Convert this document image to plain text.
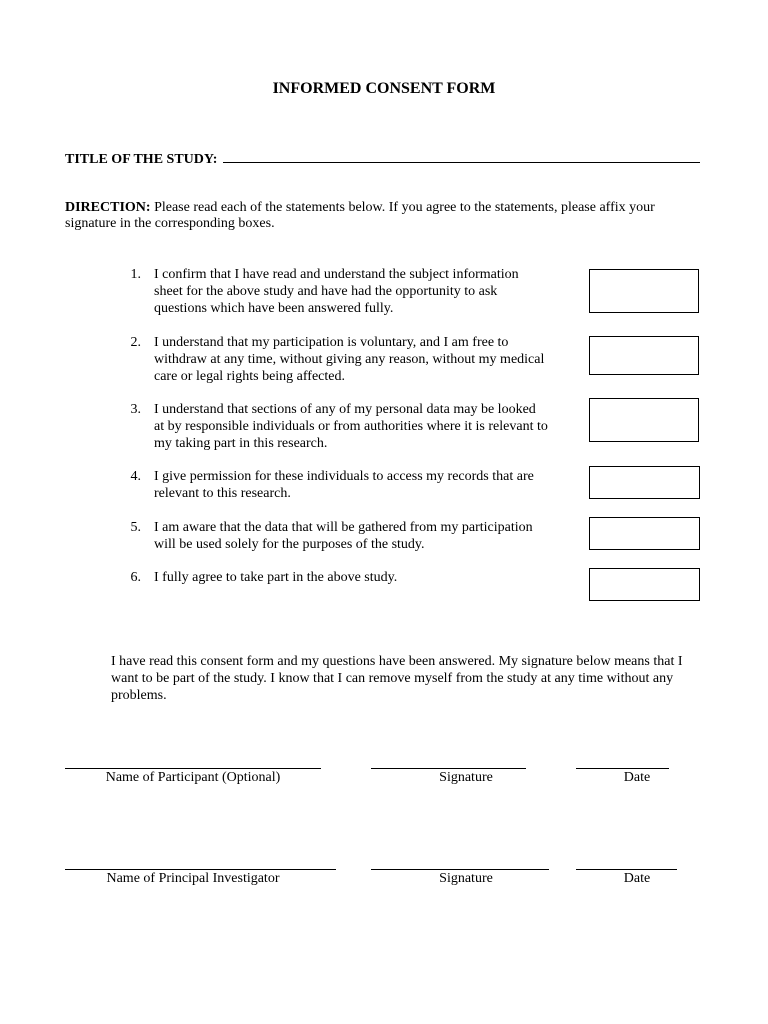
INFORMED CONSENT FORM
TITLE OF THE STUDY:
DIRECTION: Please read each of the statements below. If you agree to the statements, please affix your signature in the corresponding boxes.
1. I confirm that I have read and understand the subject information sheet for the above study and have had the opportunity to ask questions which have been answered fully.
2. I understand that my participation is voluntary, and I am free to withdraw at any time, without giving any reason, without my medical care or legal rights being affected.
3. I understand that sections of any of my personal data may be looked at by responsible individuals or from authorities where it is relevant to my taking part in this research.
4. I give permission for these individuals to access my records that are relevant to this research.
5. I am aware that the data that will be gathered from my participation will be used solely for the purposes of the study.
6. I fully agree to take part in the above study.
I have read this consent form and my questions have been answered. My signature below means that I want to be part of the study. I know that I can remove myself from the study at any time without any problems.
Name of Participant (Optional)	Signature	Date
Name of Principal Investigator	Signature	Date
